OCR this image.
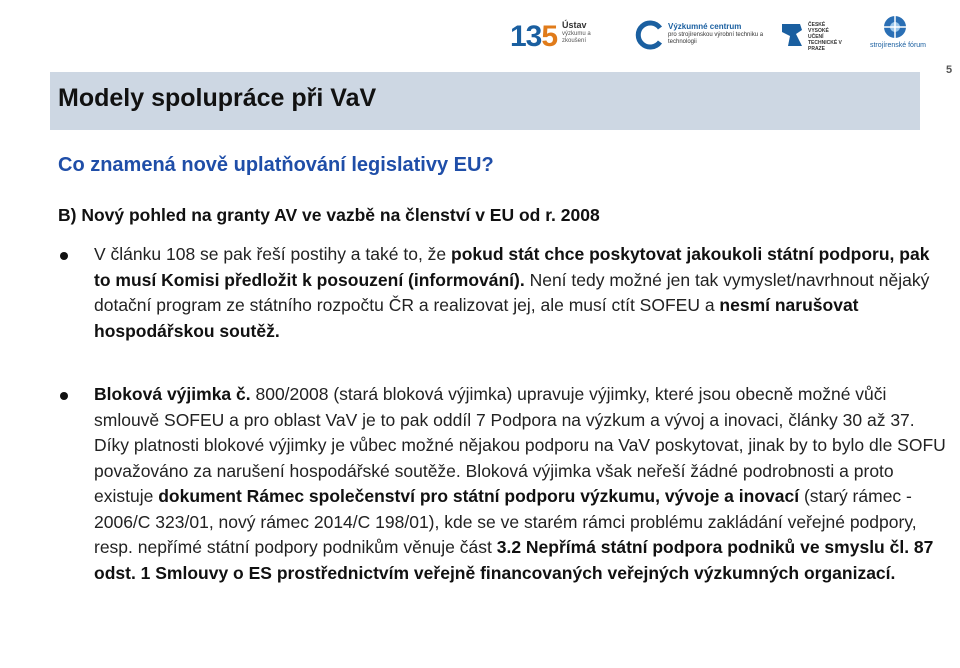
135 Ústav
výzkumu a zkoušení
Výzkumné centrum
pro strojírenskou výrobní techniku a technologii
ČESKÉ VYSOKÉ UČENÍ TECHNICKÉ V PRAZE	strojírenské fórum
5
Modely spolupráce při VaV
Co znamená nově uplatňování legislativy EU?
B) Nový pohled na granty AV ve vazbě na členství v EU od r. 2008
V článku 108 se pak řeší postihy a také to, že pokud stát chce poskytovat jakoukoli státní podporu, pak to musí Komisi předložit k posouzení (informování). Není tedy možné jen tak vymyslet/navrhnout nějaký dotační program ze státního rozpočtu ČR a realizovat jej, ale musí ctít SOFEU a nesmí narušovat hospodářskou soutěž.
Bloková výjimka č. 800/2008 (stará bloková výjimka) upravuje výjimky, které jsou obecně možné vůči smlouvě SOFEU a pro oblast VaV je to pak oddíl 7 Podpora na výzkum a vývoj a inovaci, články 30 až 37. Díky platnosti blokové výjimky je vůbec možné nějakou podporu na VaV poskytovat, jinak by to bylo dle SOFU považováno za narušení hospodářské soutěže. Bloková výjimka však neřeší žádné podrobnosti a proto existuje dokument Rámec společenství pro státní podporu výzkumu, vývoje a inovací (starý rámec - 2006/C 323/01, nový rámec 2014/C 198/01), kde se ve starém rámci problému zakládání veřejné podpory, resp. nepřímé státní podpory podnikům věnuje část 3.2 Nepřímá státní podpora podniků ve smyslu čl. 87 odst. 1 Smlouvy o ES prostřednictvím veřejně financovaných veřejných výzkumných organizací.
